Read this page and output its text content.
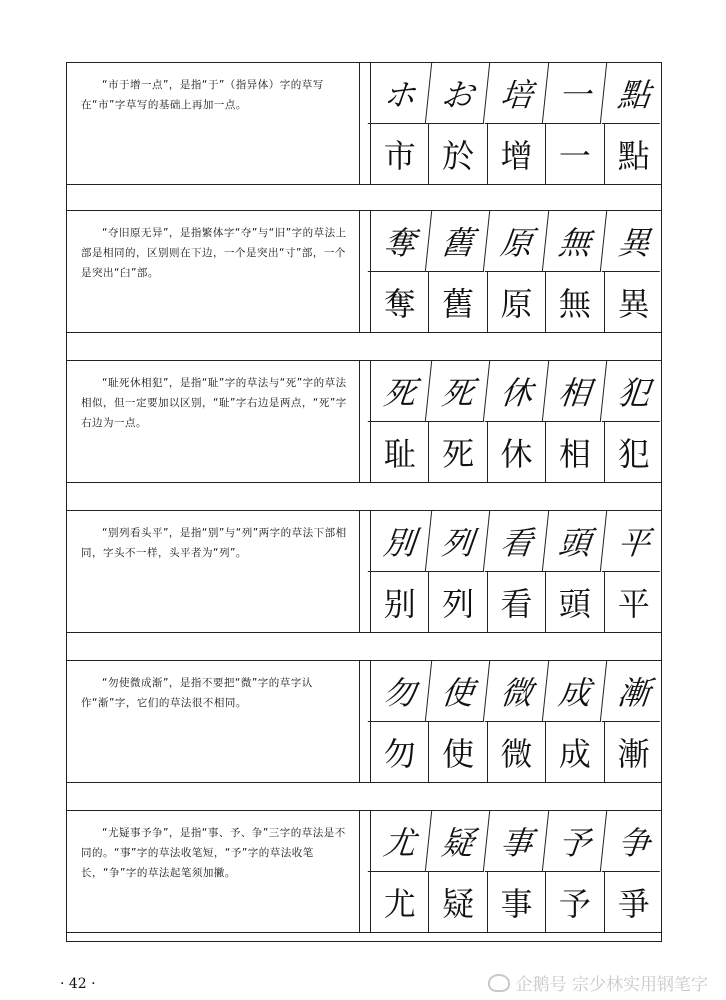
“市于增一点”，是指“于”（指异体）字的草写在“市”字草写的基础上再加一点。	ホ お 培 一 點
市 於 增 一 點
“夺旧原无异”，是指繁体字“夺”与“旧”字的草法上部是相同的，区别则在下边，一个是突出“寸”部，一个是突出“臼”部。
奪 舊 原 無 異
奪 舊 原 無 異
“耻死休相犯”，是指“耻”字的草法与“死”字的草法相似，但一定要加以区别，“耻”字右边是两点，“死”字右边为一点。
死 死 休 相 犯
耻 死 休 相 犯
“别列看头平”，是指“别”与“列”两字的草法下部相同，字头不一样，头平者为“列”。	別 列 看 頭 平
别 列 看 頭 平
“勿使微成渐”，是指不要把“微”字的草字认作“渐”字，它们的草法很不相同。	勿 使 微 成 漸
勿 使 微 成 漸
“尤疑事予争”，是指“事、予、争”三字的草法是不同的。“事”字的草法收笔短，“予”字的草法收笔长，“争”字的草法起笔须加撇。
尤 疑 事 予 争
尤 疑 事 予 爭
· 42 ·	企鹅号 宗少林实用钢笔字
